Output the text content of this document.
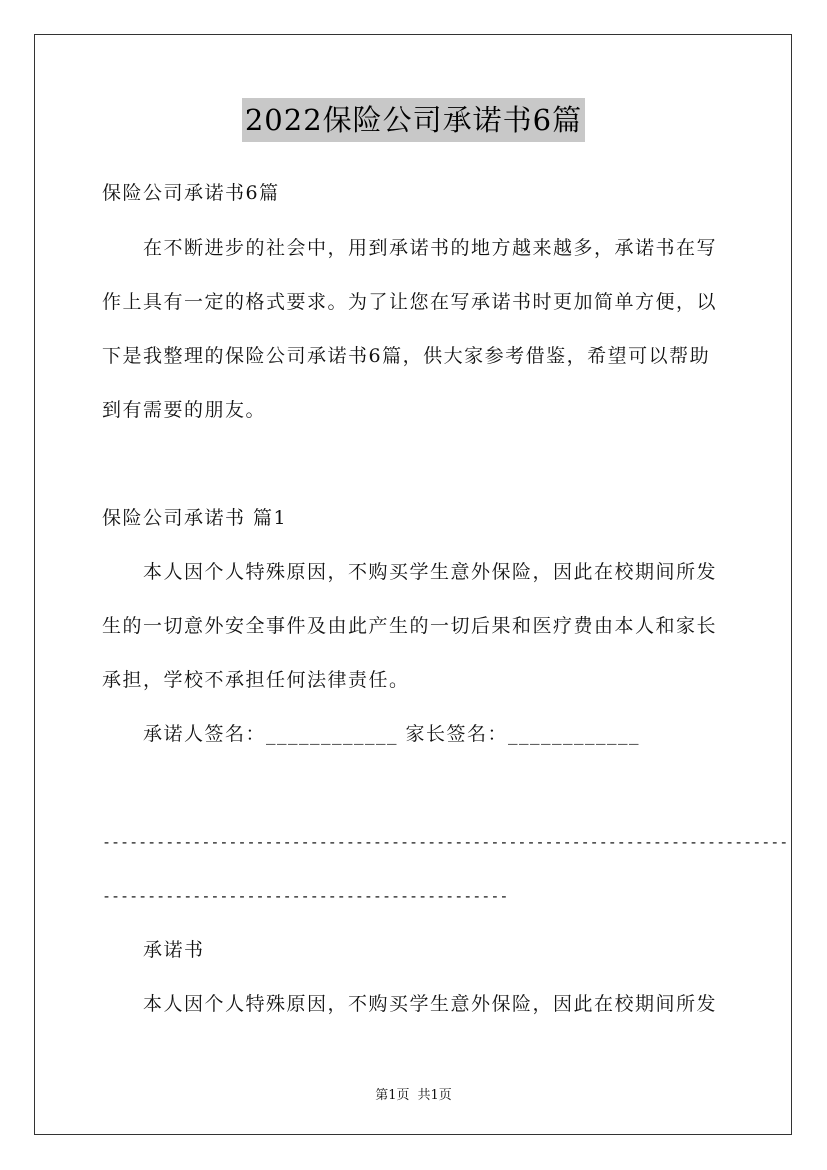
2022保险公司承诺书6篇
保险公司承诺书6篇
在不断进步的社会中，用到承诺书的地方越来越多，承诺书在写
作上具有一定的格式要求。为了让您在写承诺书时更加简单方便，以
下是我整理的保险公司承诺书6篇，供大家参考借鉴，希望可以帮助
到有需要的朋友。
保险公司承诺书 篇1
本人因个人特殊原因，不购买学生意外保险，因此在校期间所发
生的一切意外安全事件及由此产生的一切后果和医疗费由本人和家长
承担，学校不承担任何法律责任。
承诺人签名：____________ 家长签名：____________
----------------------------------------------------------------------------
---------------------------------------------
承诺书
本人因个人特殊原因，不购买学生意外保险，因此在校期间所发
第1页 共1页
